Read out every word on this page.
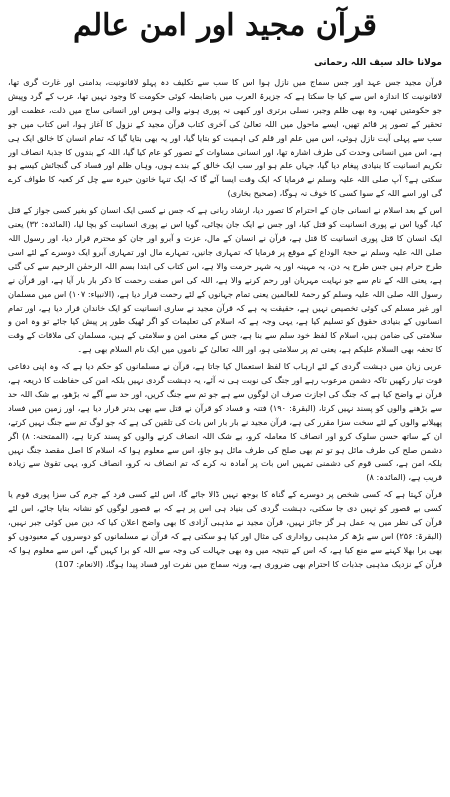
قرآن مجید اور امن عالم
مولانا خالد سیف اللہ رحمانی

قرآن مجید جس عہد اور جس سماج میں نازل ہوا اس کا سب سے تکلیف دہ پہلو لاقانونیت، بدامنی اور غارت گری تھا، لاقانونیت کا اندازہ اس سے کیا جا سکتا ہے کہ جزیرۃ العرب میں باضابطہ کوئی حکومت کا وجود نہیں تھا، عرب کے گرد وپیش جو حکومتیں تھیں، وہ بھی ظلم وجبر، نسلی برتری اور کبھی نہ پوری ہونے والی ہوس اور انسانی ساج میں ذلت، عظمت اور تحقیر کے تصور پر قائم تھیں، ایسے ماحول میں اللہ تعالیٰ کی آخری کتاب قرآن مجید کے نزول کا آغاز ہوا، اس کتاب میں جو سب سے پہلی آیت نازل ہوئی، اس میں علم اور قلم کی اہمیت کو بتایا گیا، اور یہ بھی بتایا گیا کہ تمام انسان کا خالق ایک ہی ہے، اس میں انسانی وحدت کی طرف اشارہ تھا، اور انسانی مساوات کے تصور کو عام کیا گیا، اللہ کے بندوں کا جذبۂ انصاف اور تکریم انسانیت کا بنیادی پیغام دیا گیا، جہاں علم ہو اور سب ایک خالق کے بندے ہوں، وہاں ظلم اور فساد کی گنجائش کیسے ہو سکتی ہے؟ آپ صلی اللہ علیہ وسلم نے فرمایا کہ ایک وقت ایسا آئے گا کہ ایک تنہا خاتون حیرہ سے چل کر کعبہ کا طواف کرے گی اور اسے اللہ کے سوا کسی کا خوف نہ ہوگا، (صحیح بخاری)

اس کے بعد اسلام نے انسانی جان کے احترام کا تصور دیا، ارشاد ربانی ہے کہ جس نے کسی ایک انسان کو بغیر کسی جواز کے قتل کیا، گویا اس نے پوری انسانیت کو قتل کیا، اور جس نے ایک جان بچائی، گویا اس نے پوری انسانیت کو بچا لیا، (المائدہ: ۳۲) یعنی ایک انسان کا قتل پوری انسانیت کا قتل ہے، قرآن نے انسان کے مال، عزت و آبرو اور جان کو محترم قرار دیا، اور رسول اللہ صلی اللہ علیہ وسلم نے حجۃ الوداع کے موقع پر فرمایا کہ تمہاری جانیں، تمہارے مال اور تمہاری آبرو ایک دوسرے کے لئے اسی طرح حرام ہیں جس طرح یہ دن، یہ مہینہ اور یہ شہر حرمت والا ہے، اس کتاب کی ابتدا بسم اللہ الرحمٰن الرحیم سے کی گئی ہے، یعنی اللہ کے نام سے جو نہایت مہربان اور رحم کرنے والا ہے، اللہ کی اس صفت رحمت کا ذکر بار بار آیا ہے، اور قرآن نے رسول اللہ صلی اللہ علیہ وسلم کو رحمۃ للعالمین یعنی تمام جہانوں کے لئے رحمت قرار دیا ہے، (الانبیاء: ۱۰۷) اس میں مسلمان اور غیر مسلم کی کوئی تخصیص نہیں ہے، حقیقت یہ ہے کہ قرآن مجید نے ساری انسانیت کو ایک خاندان قرار دیا ہے، اور تمام انسانوں کے بنیادی حقوق کو تسلیم کیا ہے، یہی وجہ ہے کہ اسلام کی تعلیمات کو اگر ٹھیک طور پر پیش کیا جائے تو وہ امن و سلامتی کی ضامن ہیں، اسلام کا لفظ خود سلم سے بنا ہے، جس کے معنی امن و سلامتی کے ہیں، مسلمان کی ملاقات کے وقت کا تحفہ بھی السلام علیکم ہے، یعنی تم پر سلامتی ہو، اور اللہ تعالیٰ کے ناموں میں ایک نام السلام بھی ہے۔

عربی زبان میں دہشت گردی کے لئے ارہاب کا لفظ استعمال کیا جاتا ہے، قرآن نے مسلمانوں کو حکم دیا ہے کہ وہ اپنی دفاعی قوت تیار رکھیں تاکہ دشمن مرعوب رہے اور جنگ کی نوبت ہی نہ آئے، یہ دہشت گردی نہیں بلکہ امن کی حفاظت کا ذریعہ ہے، قرآن نے واضح کیا ہے کہ جنگ کی اجازت صرف ان لوگوں سے ہے جو تم سے جنگ کریں، اور حد سے آگے نہ بڑھو، بے شک اللہ حد سے بڑھنے والوں کو پسند نہیں کرتا، (البقرۃ: ۱۹۰) فتنہ و فساد کو قرآن نے قتل سے بھی بدتر قرار دیا ہے، اور زمین میں فساد پھیلانے والوں کے لئے سخت سزا مقرر کی ہے، قرآن مجید نے بار بار اس بات کی تلقین کی ہے کہ جو لوگ تم سے جنگ نہیں کرتے، ان کے ساتھ حسن سلوک کرو اور انصاف کا معاملہ کرو، بے شک اللہ انصاف کرنے والوں کو پسند کرتا ہے، (الممتحنہ: ۸) اگر دشمن صلح کی طرف مائل ہو تو تم بھی صلح کی طرف مائل ہو جاؤ، اس سے معلوم ہوا کہ اسلام کا اصل مقصد جنگ نہیں بلکہ امن ہے، کسی قوم کی دشمنی تمہیں اس بات پر آمادہ نہ کرے کہ تم انصاف نہ کرو، انصاف کرو، یہی تقویٰ سے زیادہ قریب ہے، (المائدہ: ۸)

قرآن کہتا ہے کہ کسی شخص پر دوسرے کے گناہ کا بوجھ نہیں ڈالا جائے گا، اس لئے کسی فرد کے جرم کی سزا پوری قوم یا کسی بے قصور کو نہیں دی جا سکتی، دہشت گردی کی بنیاد ہی اس پر ہے کہ بے قصور لوگوں کو نشانہ بنایا جائے، اس لئے قرآن کی نظر میں یہ عمل ہر گز جائز نہیں، قرآن مجید نے مذہبی آزادی کا بھی واضح اعلان کیا کہ دین میں کوئی جبر نہیں، (البقرۃ: ۲۵۶) اس سے بڑھ کر مذہبی رواداری کی مثال اور کیا ہو سکتی ہے کہ قرآن نے مسلمانوں کو دوسروں کے معبودوں کو بھی برا بھلا کہنے سے منع کیا ہے، کہ اس کے نتیجہ میں وہ بھی جہالت کی وجہ سے اللہ کو برا کہیں گے، اس سے معلوم ہوا کہ قرآن کے نزدیک مذہبی جذبات کا احترام بھی ضروری ہے، ورنہ سماج میں نفرت اور فساد پیدا ہوگا، (الانعام: 107)
